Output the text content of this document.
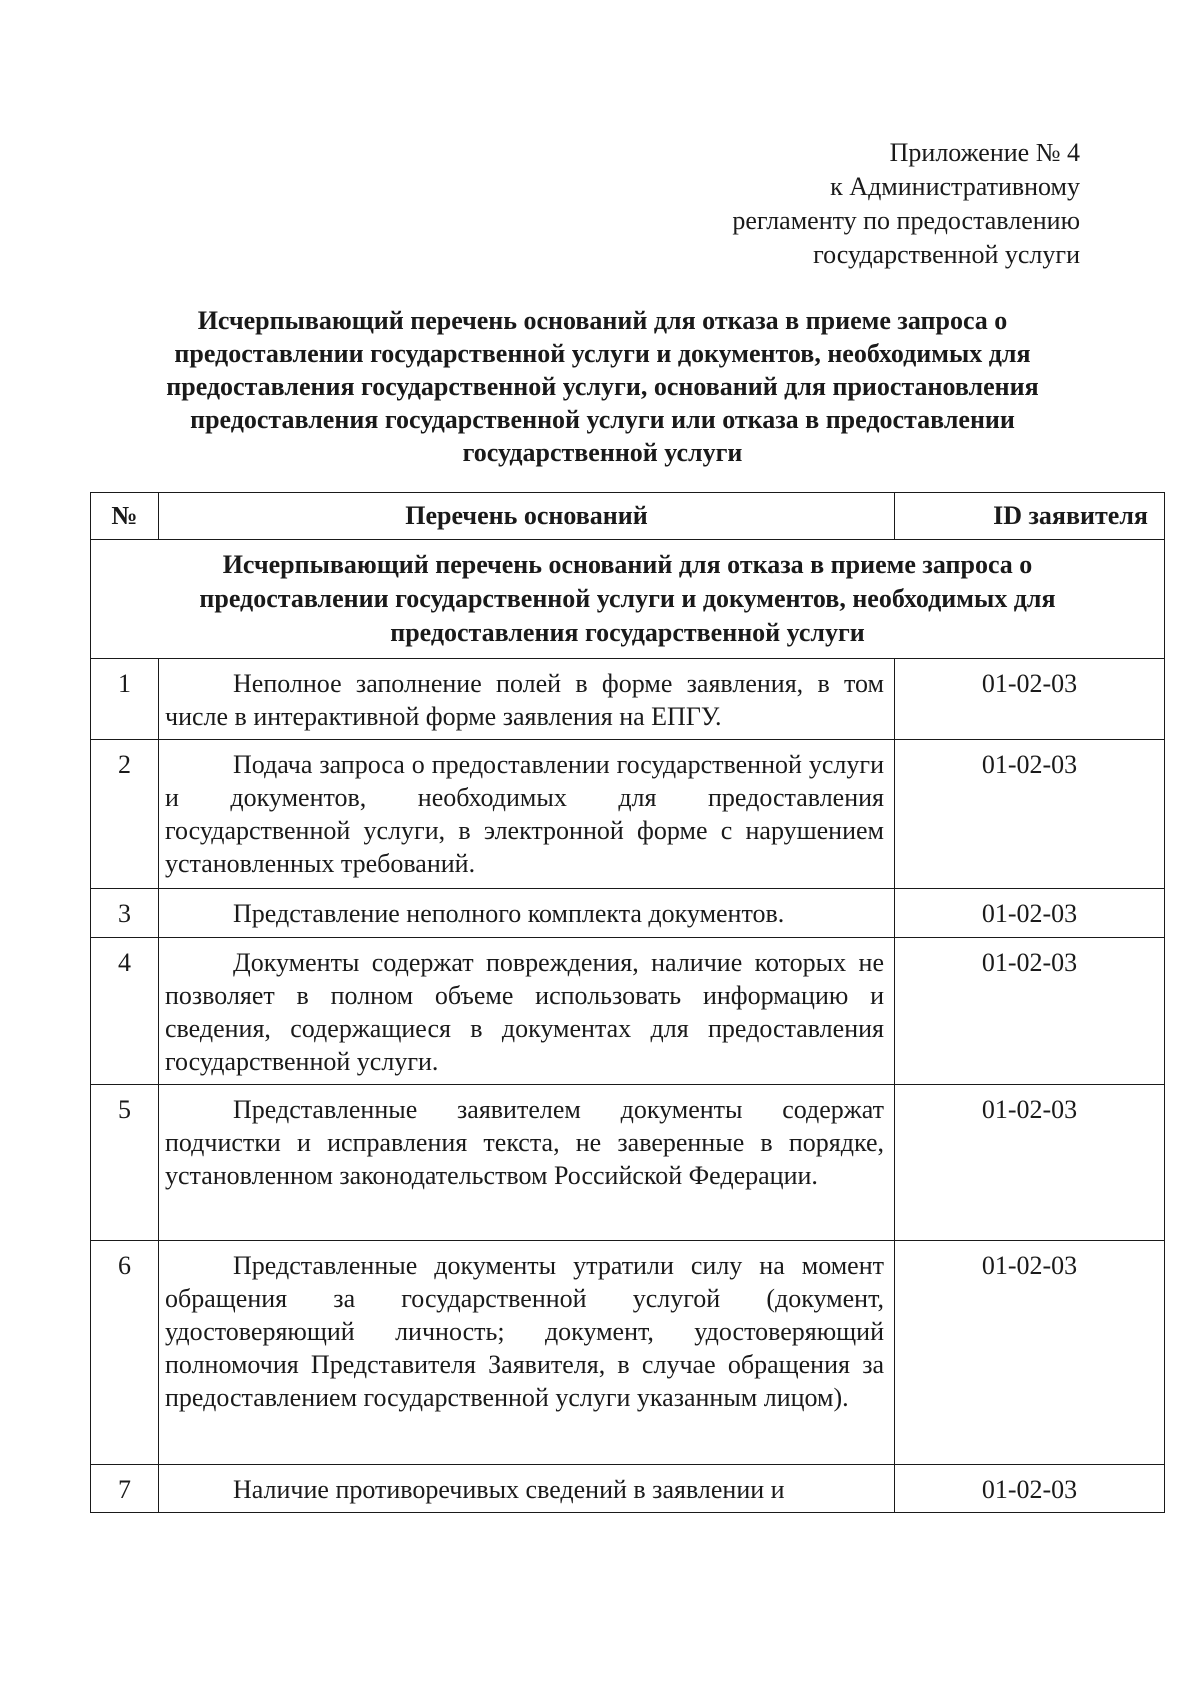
Приложение № 4
к Административному
регламенту по предоставлению
государственной услуги
Исчерпывающий перечень оснований для отказа в приеме запроса о
предоставлении государственной услуги и документов, необходимых для
предоставления государственной услуги, оснований для приостановления
предоставления государственной услуги или отказа в предоставлении
государственной услуги
№	Перечень оснований	ID заявителя

Исчерпывающий перечень оснований для отказа в приеме запроса о
предоставлении государственной услуги и документов, необходимых для
предоставления государственной услуги		

1	Неполное заполнение полей в форме заявления, в том числе в интерактивной форме заявления на ЕПГУ.	01-02-03
2	Подача запроса о предоставлении государственной услуги и документов, необходимых для предоставления государственной услуги, в электронной форме с нарушением установленных требований.	01-02-03
3	Представление неполного комплекта документов.	01-02-03
4	Документы содержат повреждения, наличие которых не позволяет в полном объеме использовать информацию и сведения, содержащиеся в документах для предоставления государственной услуги.	01-02-03
5	Представленные заявителем документы содержат подчистки и исправления текста, не заверенные в порядке, установленном законодательством Российской Федерации.	01-02-03
6	Представленные документы утратили силу на момент обращения за государственной услугой (документ, удостоверяющий личность; документ, удостоверяющий полномочия Представителя Заявителя, в случае обращения за предоставлением государственной услуги указанным лицом).	01-02-03
7	Наличие противоречивых сведений в заявлении и	01-02-03
